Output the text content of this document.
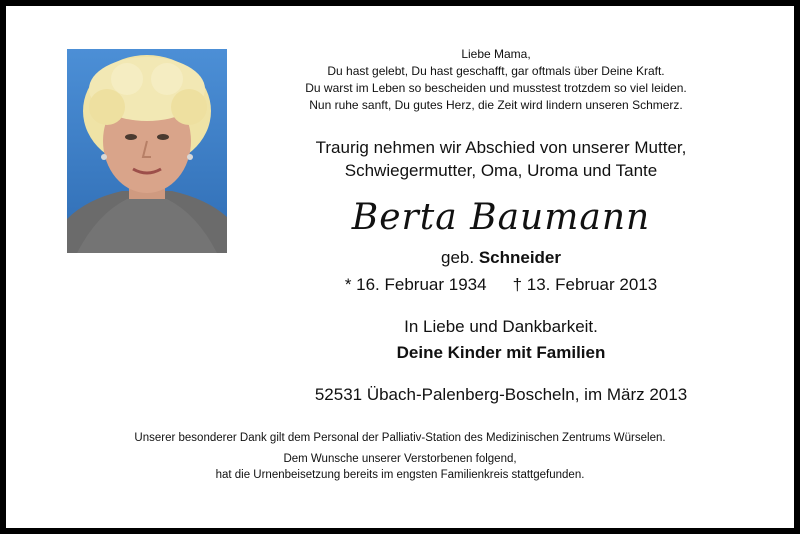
Liebe Mama,
Du hast gelebt, Du hast geschafft, gar oftmals über Deine Kraft.
Du warst im Leben so bescheiden und musstest trotzdem so viel leiden.
Nun ruhe sanft, Du gutes Herz, die Zeit wird lindern unseren Schmerz.
Traurig nehmen wir Abschied von unserer Mutter,
Schwiegermutter, Oma, Uroma und Tante
Berta Baumann
geb. Schneider
* 16. Februar 1934 † 13. Februar 2013
In Liebe und Dankbarkeit.
Deine Kinder mit Familien
52531 Übach-Palenberg-Boscheln, im März 2013
Unserer besonderer Dank gilt dem Personal der Palliativ-Station des Medizinischen Zentrums Würselen.
Dem Wunsche unserer Verstorbenen folgend,
hat die Urnenbeisetzung bereits im engsten Familienkreis stattgefunden.
